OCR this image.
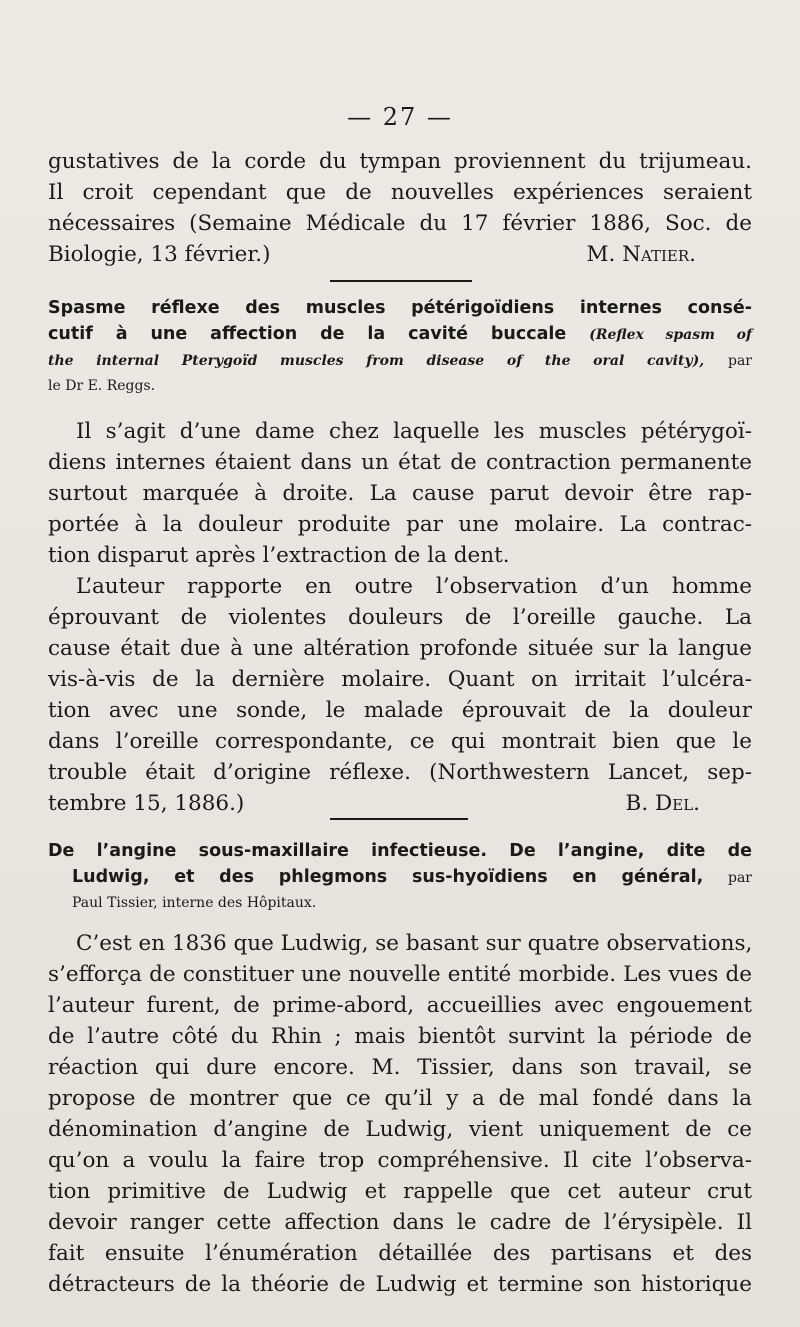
— 27 —
gustatives de la corde du tympan proviennent du trijumeau.
Il croit cependant que de nouvelles expériences seraient
nécessaires (Semaine Médicale du 17 février 1886, Soc. de
Biologie, 13 février.)	M. Natier.
Spasme réflexe des muscles pétérigoïdiens internes consé-
cutif à une affection de la cavité buccale (Reflex spasm of
the internal Pterygoïd muscles from disease of the oral cavity), par
le Dr E. Reggs.
Il s’agit d’une dame chez laquelle les muscles pétérygoï-
diens internes étaient dans un état de contraction permanente
surtout marquée à droite. La cause parut devoir être rap-
portée à la douleur produite par une molaire. La contrac-
tion disparut après l’extraction de la dent.
L’auteur rapporte en outre l’observation d’un homme
éprouvant de violentes douleurs de l’oreille gauche. La
cause était due à une altération profonde située sur la langue
vis-à-vis de la dernière molaire. Quant on irritait l’ulcéra-
tion avec une sonde, le malade éprouvait de la douleur
dans l’oreille correspondante, ce qui montrait bien que le
trouble était d’origine réflexe. (Northwestern Lancet, sep-
tembre 15, 1886.)	B. Del.
De l’angine sous-maxillaire infectieuse. De l’angine, dite de
Ludwig, et des phlegmons sus-hyoïdiens en général, par
Paul Tissier, interne des Hôpitaux.
C’est en 1836 que Ludwig, se basant sur quatre observations,
s’efforça de constituer une nouvelle entité morbide. Les vues de
l’auteur furent, de prime-abord, accueillies avec engouement
de l’autre côté du Rhin ; mais bientôt survint la période de
réaction qui dure encore. M. Tissier, dans son travail, se
propose de montrer que ce qu’il y a de mal fondé dans la
dénomination d’angine de Ludwig, vient uniquement de ce
qu’on a voulu la faire trop compréhensive. Il cite l’observa-
tion primitive de Ludwig et rappelle que cet auteur crut
devoir ranger cette affection dans le cadre de l’érysipèle. Il
fait ensuite l’énumération détaillée des partisans et des
détracteurs de la théorie de Ludwig et termine son historique
